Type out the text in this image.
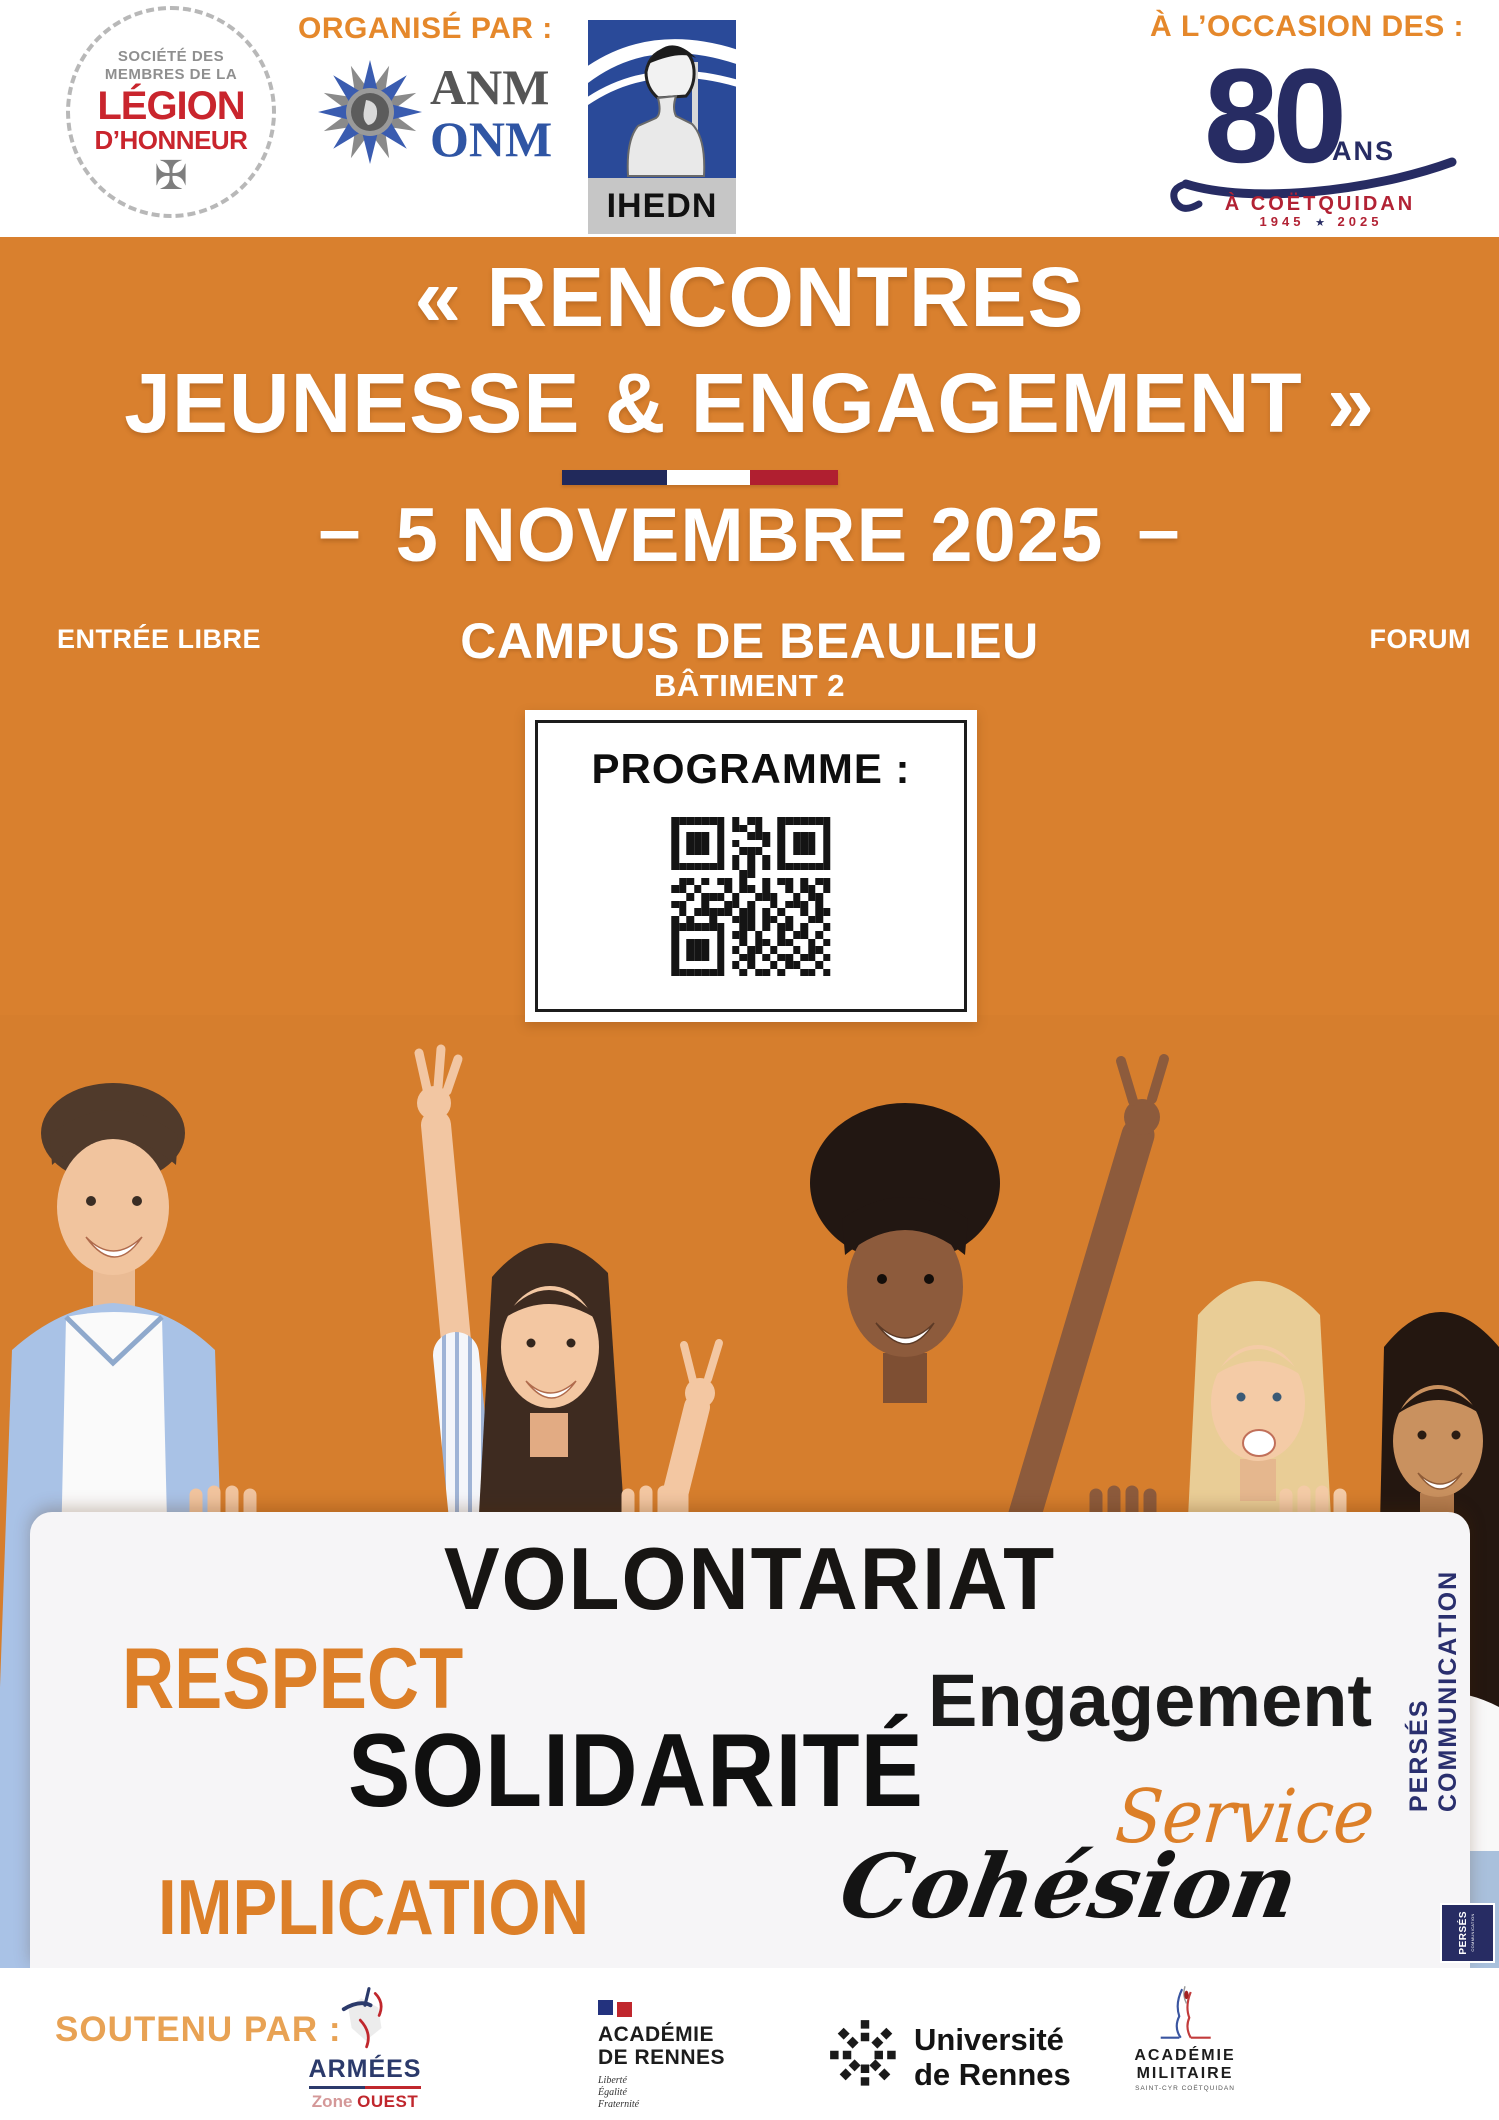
SOCIÉTÉ DES
MEMBRES DE LA
LÉGION
D’HONNEUR
✠
ORGANISÉ PAR :
ANM
ONM
IHEDN
À L’OCCASION DES :
80
ANS
À COËTQUIDAN
1945 ★ 2025
« RENCONTRES
JEUNESSE & ENGAGEMENT »
– 5 NOVEMBRE 2025 –
ENTRÉE LIBRE	CAMPUS DE BEAULIEU	FORUM
BÂTIMENT 2
PROGRAMME :
VOLONTARIAT
RESPECT	Engagement
SOLIDARITÉ	Service
IMPLICATION	Cohésion
PERSÉS COMMUNICATION
PERSÉS COMMUNICATION
SOUTENU PAR :
ARMÉES
Zone OUEST
ACADÉMIE
DE RENNES
Liberté
Égalité
Fraternité
Université
de Rennes
ACADÉMIE
MILITAIRE
SAINT-CYR COËTQUIDAN
